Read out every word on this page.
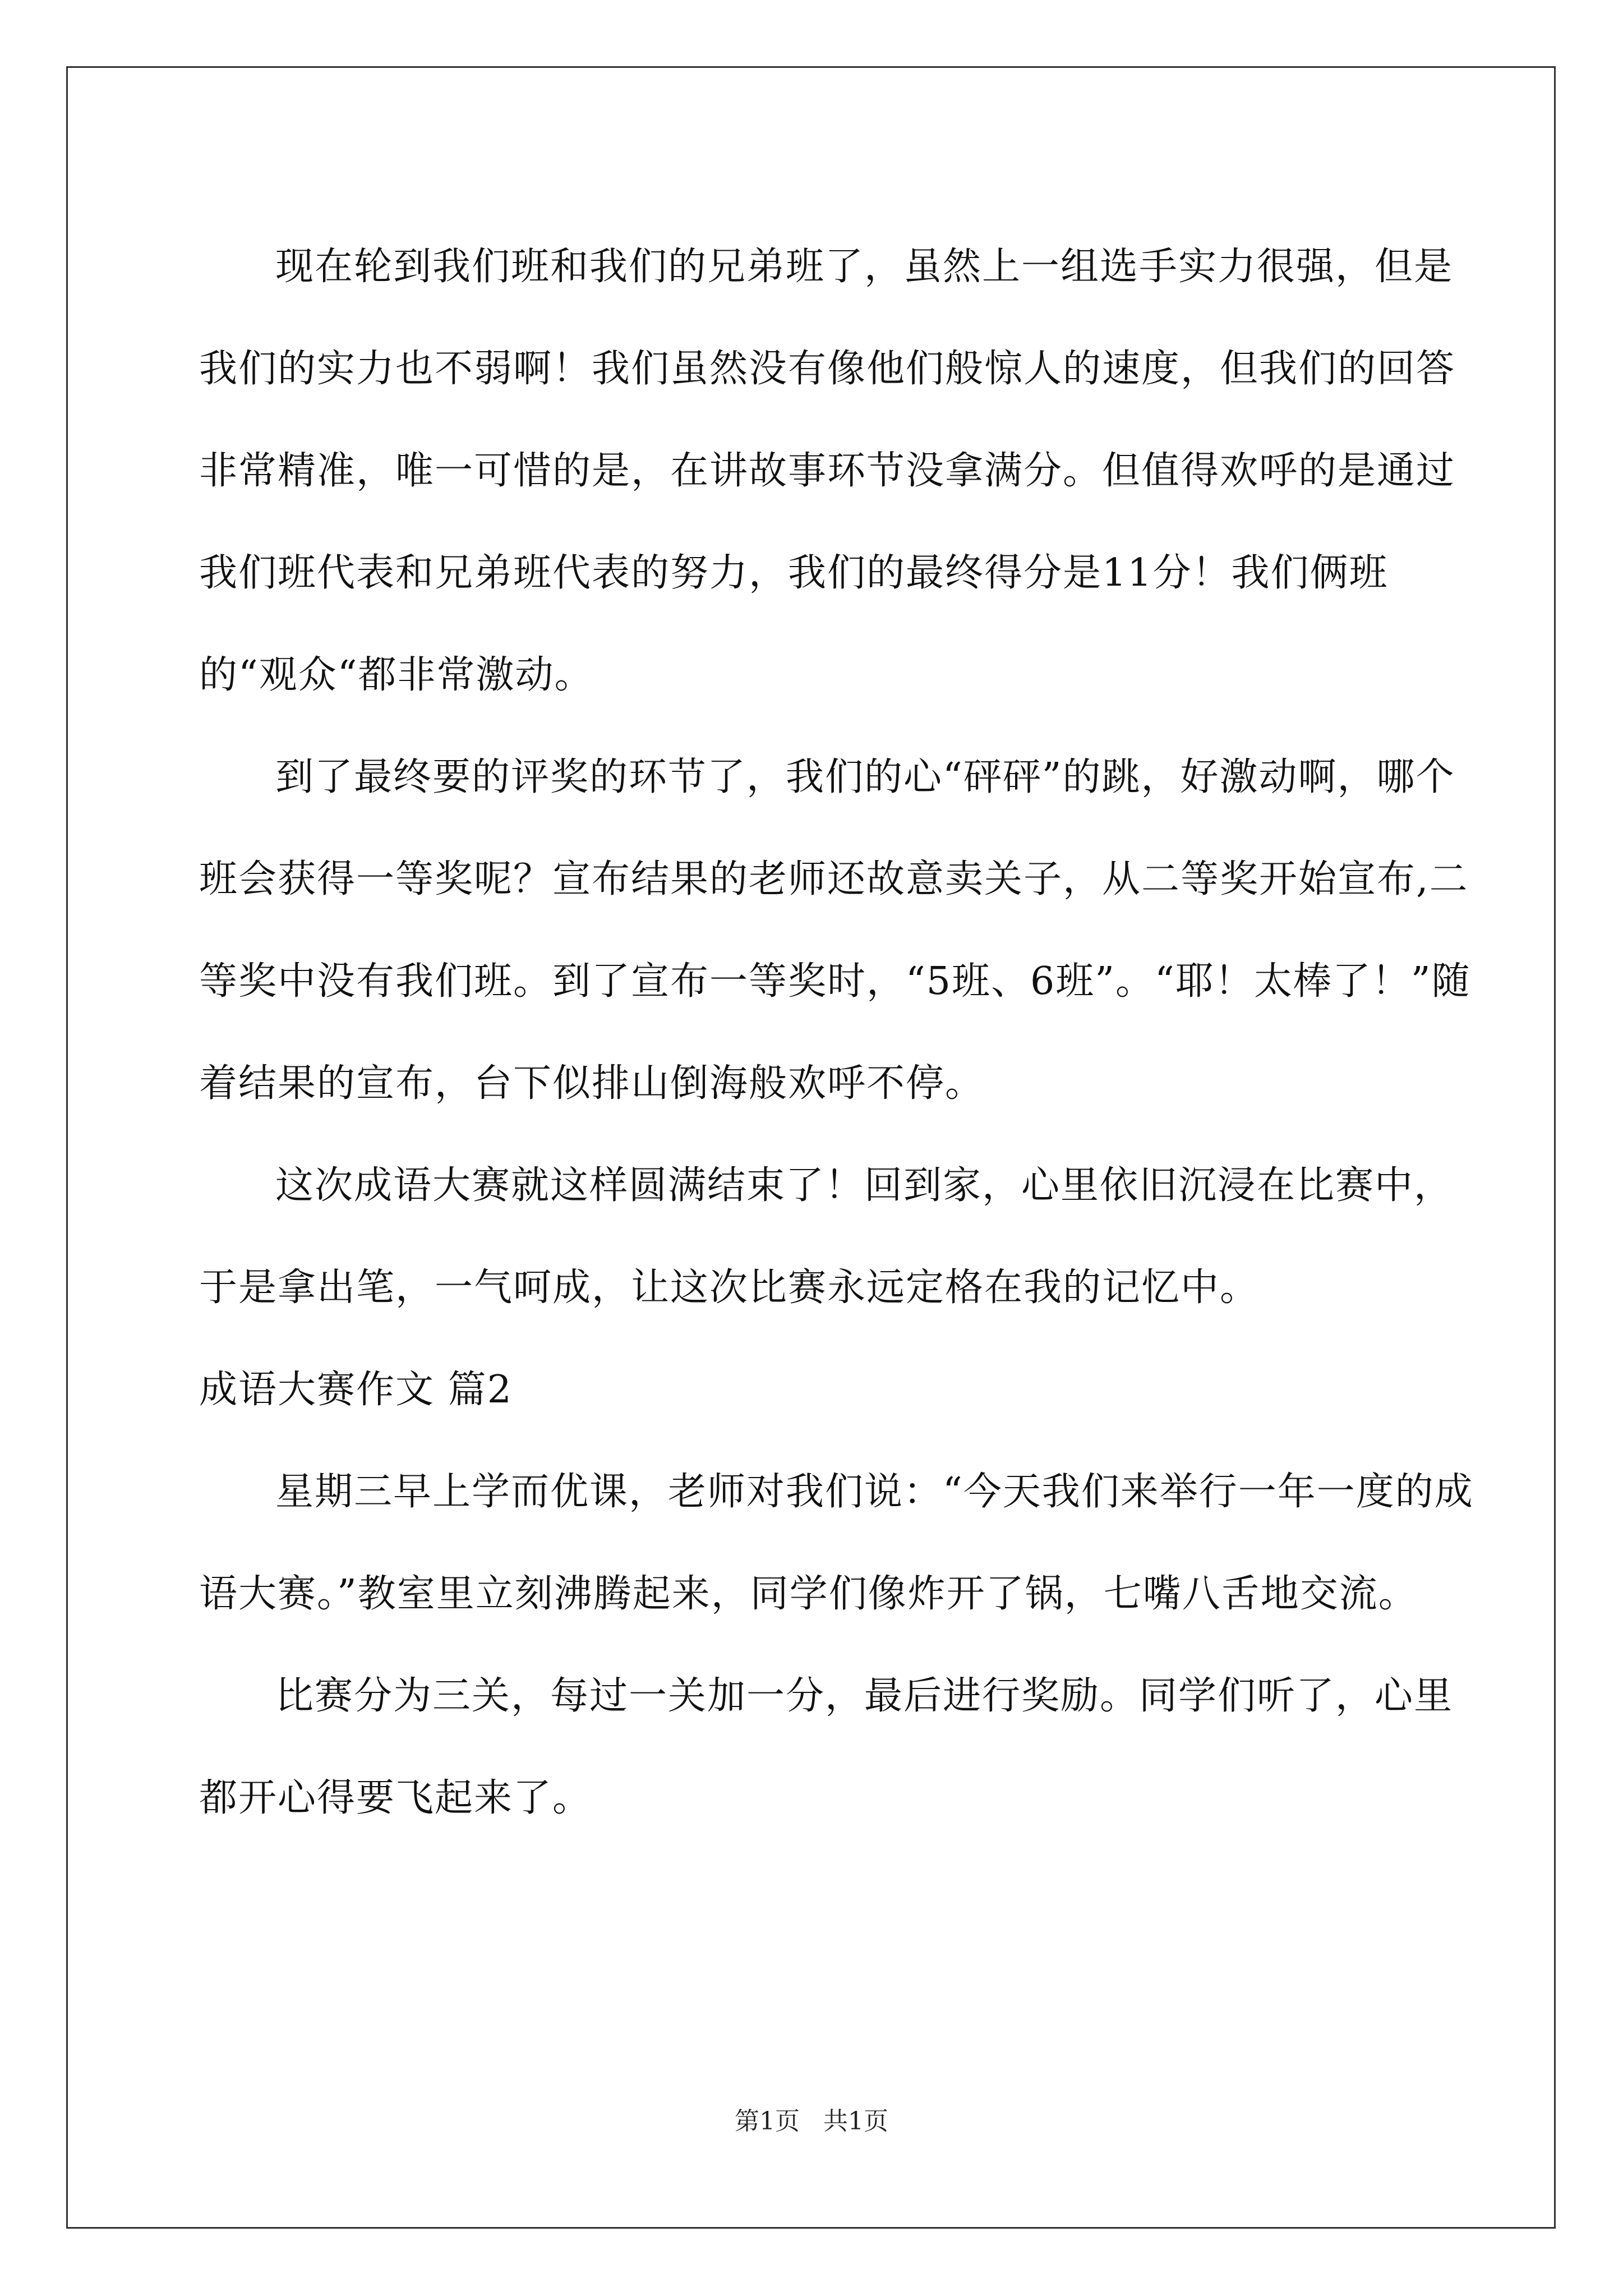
现在轮到我们班和我们的兄弟班了，虽然上一组选手实力很强，但是我们的实力也不弱啊！我们虽然没有像他们般惊人的速度，但我们的回答非常精准，唯一可惜的是，在讲故事环节没拿满分。但值得欢呼的是通过我们班代表和兄弟班代表的努力，我们的最终得分是11分！我们俩班的“观众“都非常激动。

到了最终要的评奖的环节了，我们的心“砰砰”的跳，好激动啊，哪个班会获得一等奖呢？宣布结果的老师还故意卖关子，从二等奖开始宣布,二等奖中没有我们班。到了宣布一等奖时，“5班、6班”。“耶！太棒了！”随着结果的宣布，台下似排山倒海般欢呼不停。

这次成语大赛就这样圆满结束了！回到家，心里依旧沉浸在比赛中，于是拿出笔，一气呵成，让这次比赛永远定格在我的记忆中。

成语大赛作文 篇2

星期三早上学而优课，老师对我们说：“今天我们来举行一年一度的成语大赛。”教室里立刻沸腾起来，同学们像炸开了锅，七嘴八舌地交流。

比赛分为三关，每过一关加一分，最后进行奖励。同学们听了，心里都开心得要飞起来了。

第1页 共1页
